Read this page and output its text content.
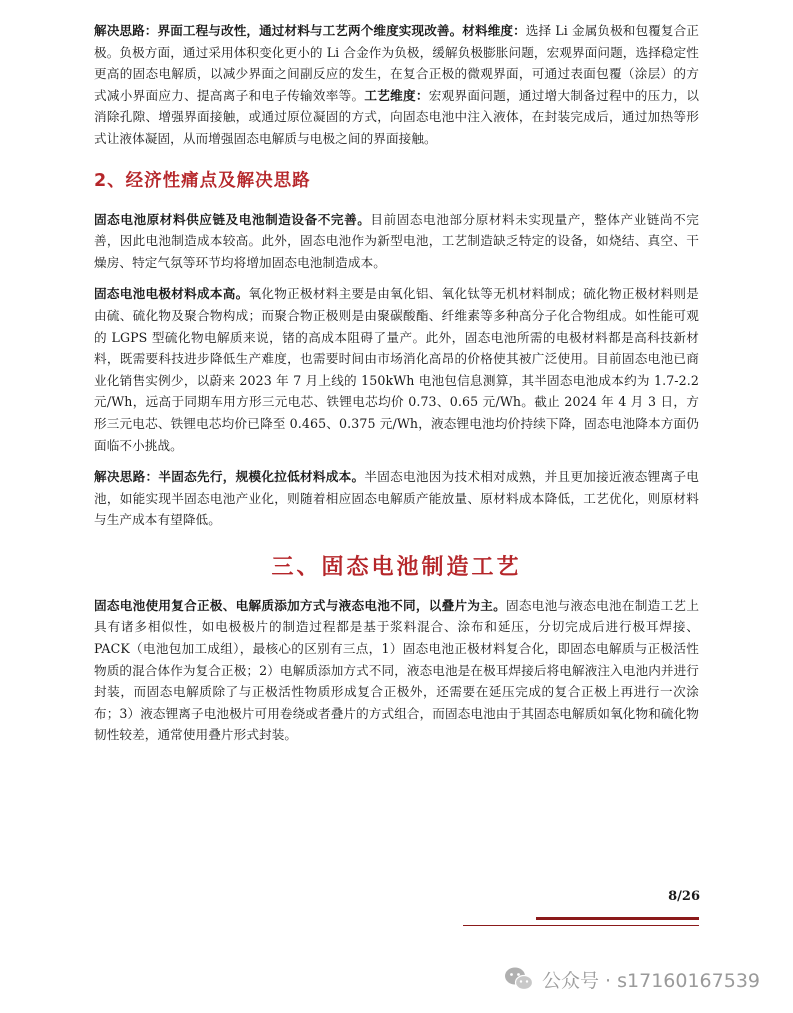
解决思路：界面工程与改性，通过材料与工艺两个维度实现改善。材料维度：选择 Li 金属负极和包覆复合正极。负极方面，通过采用体积变化更小的 Li 合金作为负极，缓解负极膨胀问题，宏观界面问题，选择稳定性更高的固态电解质，以减少界面之间副反应的发生，在复合正极的微观界面，可通过表面包覆（涂层）的方式减小界面应力、提高离子和电子传输效率等。工艺维度：宏观界面问题，通过增大制备过程中的压力，以消除孔隙、增强界面接触，或通过原位凝固的方式，向固态电池中注入液体，在封装完成后，通过加热等形式让液体凝固，从而增强固态电解质与电极之间的界面接触。

2、经济性痛点及解决思路

固态电池原材料供应链及电池制造设备不完善。目前固态电池部分原材料未实现量产，整体产业链尚不完善，因此电池制造成本较高。此外，固态电池作为新型电池，工艺制造缺乏特定的设备，如烧结、真空、干燥房、特定气氛等环节均将增加固态电池制造成本。

固态电池电极材料成本高。氧化物正极材料主要是由氧化铝、氧化钛等无机材料制成；硫化物正极材料则是由硫、硫化物及聚合物构成；而聚合物正极则是由聚碳酸酯、纤维素等多种高分子化合物组成。如性能可观的 LGPS 型硫化物电解质来说，锗的高成本阻碍了量产。此外，固态电池所需的电极材料都是高科技新材料，既需要科技进步降低生产难度，也需要时间由市场消化高昂的价格使其被广泛使用。目前固态电池已商业化销售实例少，以蔚来 2023 年 7 月上线的 150kWh 电池包信息测算，其半固态电池成本约为 1.7-2.2 元/Wh，远高于同期车用方形三元电芯、铁锂电芯均价 0.73、0.65 元/Wh。截止 2024 年 4 月 3 日，方形三元电芯、铁锂电芯均价已降至 0.465、0.375 元/Wh，液态锂电池均价持续下降，固态电池降本方面仍面临不小挑战。

解决思路：半固态先行，规模化拉低材料成本。半固态电池因为技术相对成熟，并且更加接近液态锂离子电池，如能实现半固态电池产业化，则随着相应固态电解质产能放量、原材料成本降低，工艺优化，则原材料与生产成本有望降低。

三、固态电池制造工艺

固态电池使用复合正极、电解质添加方式与液态电池不同，以叠片为主。固态电池与液态电池在制造工艺上具有诸多相似性，如电极极片的制造过程都是基于浆料混合、涂布和延压，分切完成后进行极耳焊接、PACK（电池包加工成组），最核心的区别有三点，1）固态电池正极材料复合化，即固态电解质与正极活性物质的混合体作为复合正极；2）电解质添加方式不同，液态电池是在极耳焊接后将电解液注入电池内并进行封装，而固态电解质除了与正极活性物质形成复合正极外，还需要在延压完成的复合正极上再进行一次涂布；3）液态锂离子电池极片可用卷绕或者叠片的方式组合，而固态电池由于其固态电解质如氧化物和硫化物韧性较差，通常使用叠片形式封装。

8/26
公众号 · s17160167539
